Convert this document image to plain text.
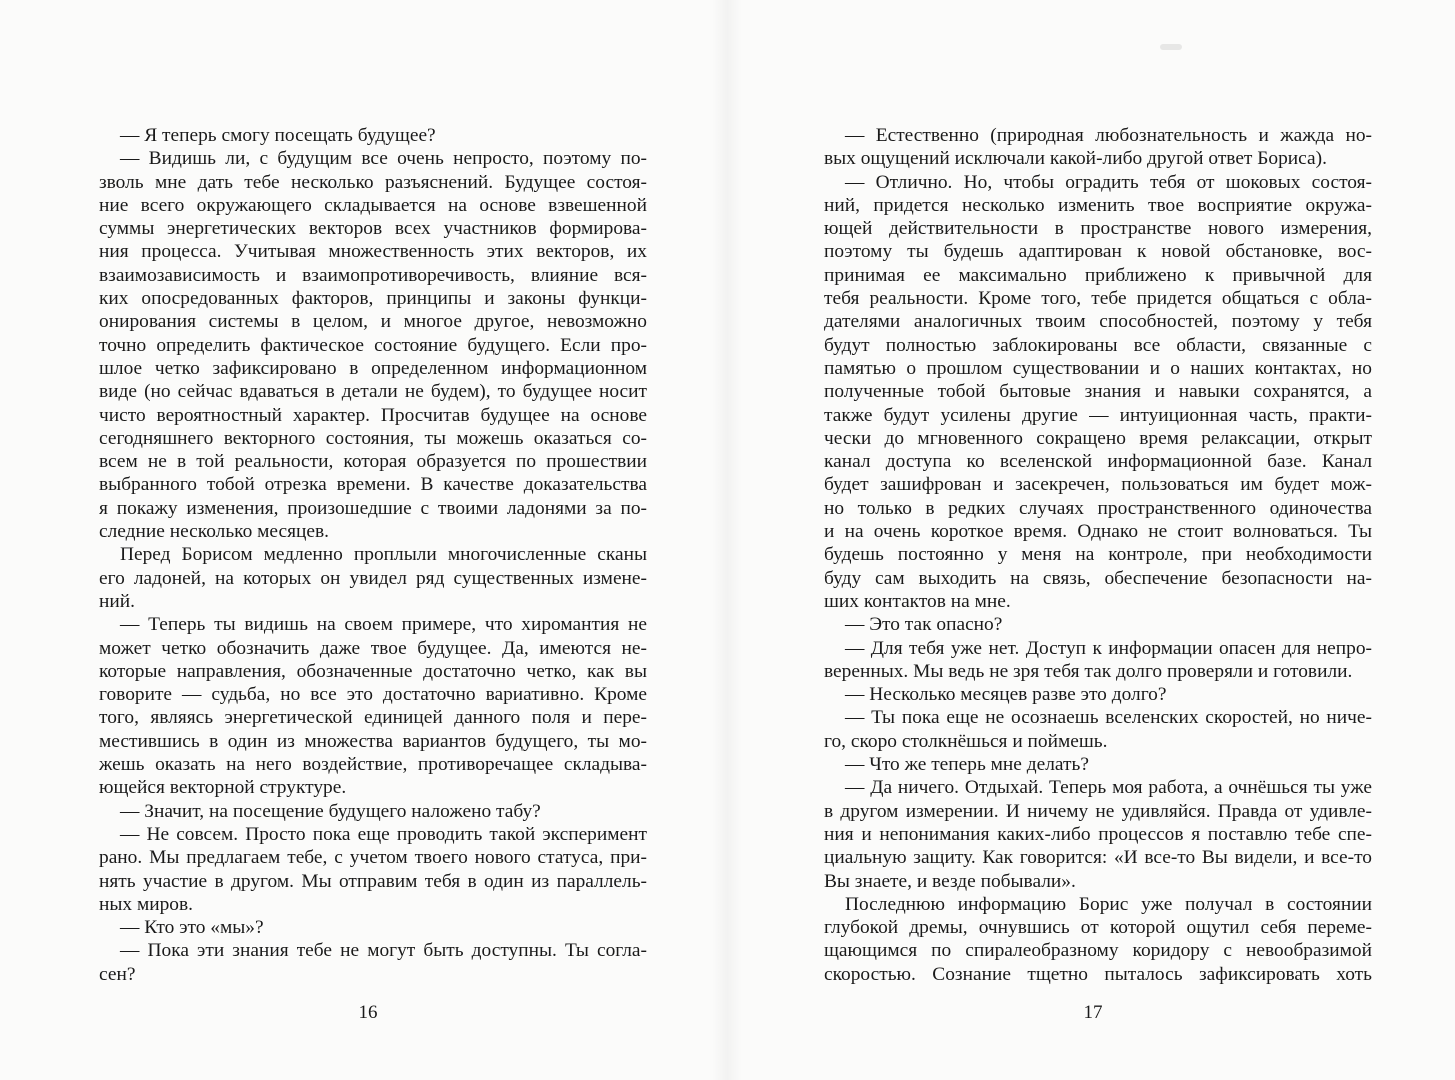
— Я теперь смогу посещать будущее?
— Видишь ли, с будущим все очень непросто, поэтому по-
зволь мне дать тебе несколько разъяснений. Будущее состоя-
ние всего окружающего складывается на основе взвешенной
суммы энергетических векторов всех участников формирова-
ния процесса. Учитывая множественность этих векторов, их
взаимозависимость и взаимопротиворечивость, влияние вся-
ких опосредованных факторов, принципы и законы функци-
онирования системы в целом, и многое другое, невозможно
точно определить фактическое состояние будущего. Если про-
шлое четко зафиксировано в определенном информационном
виде (но сейчас вдаваться в детали не будем), то будущее носит
чисто вероятностный характер. Просчитав будущее на основе
сегодняшнего векторного состояния, ты можешь оказаться со-
всем не в той реальности, которая образуется по прошествии
выбранного тобой отрезка времени. В качестве доказательства
я покажу изменения, произошедшие с твоими ладонями за по-
следние несколько месяцев.
Перед Борисом медленно проплыли многочисленные сканы
его ладоней, на которых он увидел ряд существенных измене-
ний.
— Теперь ты видишь на своем примере, что хиромантия не
может четко обозначить даже твое будущее. Да, имеются не-
которые направления, обозначенные достаточно четко, как вы
говорите — судьба, но все это достаточно вариативно. Кроме
того, являясь энергетической единицей данного поля и пере-
местившись в один из множества вариантов будущего, ты мо-
жешь оказать на него воздействие, противоречащее складыва-
ющейся векторной структуре.
— Значит, на посещение будущего наложено табу?
— Не совсем. Просто пока еще проводить такой эксперимент
рано. Мы предлагаем тебе, с учетом твоего нового статуса, при-
нять участие в другом. Мы отправим тебя в один из параллель-
ных миров.
— Кто это «мы»?
— Пока эти знания тебе не могут быть доступны. Ты согла-
сен?
16
— Естественно (природная любознательность и жажда но-
вых ощущений исключали какой-либо другой ответ Бориса).
— Отлично. Но, чтобы оградить тебя от шоковых состоя-
ний, придется несколько изменить твое восприятие окружа-
ющей действительности в пространстве нового измерения,
поэтому ты будешь адаптирован к новой обстановке, вос-
принимая ее максимально приближено к привычной для
тебя реальности. Кроме того, тебе придется общаться с обла-
дателями аналогичных твоим способностей, поэтому у тебя
будут полностью заблокированы все области, связанные с
памятью о прошлом существовании и о наших контактах, но
полученные тобой бытовые знания и навыки сохранятся, а
также будут усилены другие — интуиционная часть, практи-
чески до мгновенного сокращено время релаксации, открыт
канал доступа ко вселенской информационной базе. Канал
будет зашифрован и засекречен, пользоваться им будет мож-
но только в редких случаях пространственного одиночества
и на очень короткое время. Однако не стоит волноваться. Ты
будешь постоянно у меня на контроле, при необходимости
буду сам выходить на связь, обеспечение безопасности на-
ших контактов на мне.
— Это так опасно?
— Для тебя уже нет. Доступ к информации опасен для непро-
веренных. Мы ведь не зря тебя так долго проверяли и готовили.
— Несколько месяцев разве это долго?
— Ты пока еще не осознаешь вселенских скоростей, но ниче-
го, скоро столкнёшься и поймешь.
— Что же теперь мне делать?
— Да ничего. Отдыхай. Теперь моя работа, а очнёшься ты уже
в другом измерении. И ничему не удивляйся. Правда от удивле-
ния и непонимания каких-либо процессов я поставлю тебе спе-
циальную защиту. Как говорится: «И все-то Вы видели, и все-то
Вы знаете, и везде побывали».
Последнюю информацию Борис уже получал в состоянии
глубокой дремы, очнувшись от которой ощутил себя переме-
щающимся по спиралеобразному коридору с невообразимой
скоростью. Сознание тщетно пыталось зафиксировать хоть
17
